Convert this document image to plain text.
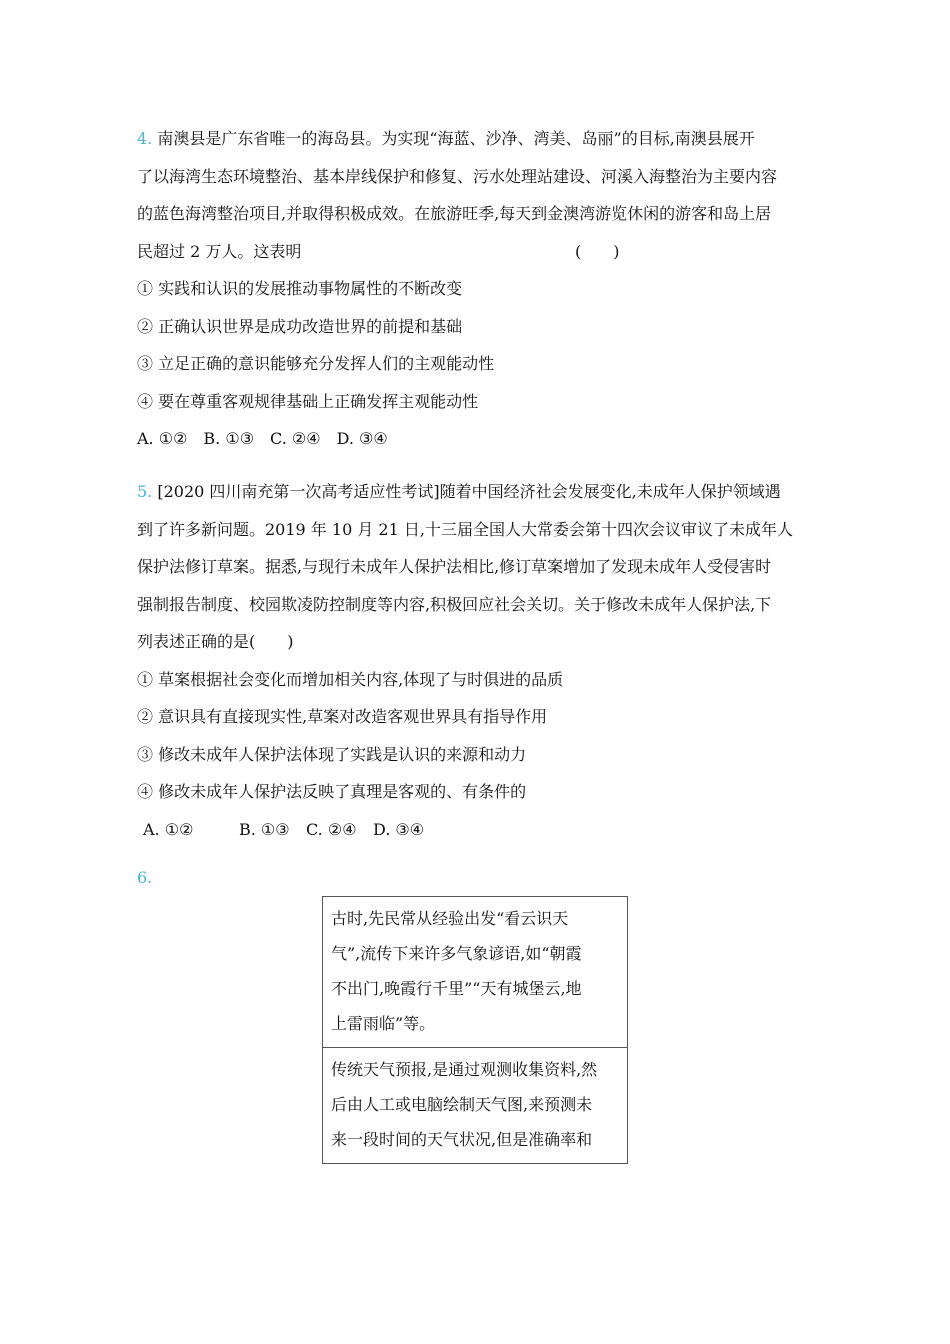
4. 南澳县是广东省唯一的海岛县。为实现“海蓝、沙净、湾美、岛丽”的目标,南澳县展开
了以海湾生态环境整治、基本岸线保护和修复、污水处理站建设、河溪入海整治为主要内容
的蓝色海湾整治项目,并取得积极成效。在旅游旺季,每天到金澳湾游览休闲的游客和岛上居
民超过 2 万人。这表明	(　　)
① 实践和认识的发展推动事物属性的不断改变
② 正确认识世界是成功改造世界的前提和基础
③ 立足正确的意识能够充分发挥人们的主观能动性
④ 要在尊重客观规律基础上正确发挥主观能动性
A. ①②　B. ①③　C. ②④　D. ③④
5. [2020 四川南充第一次高考适应性考试]随着中国经济社会发展变化,未成年人保护领域遇
到了许多新问题。2019 年 10 月 21 日,十三届全国人大常委会第十四次会议审议了未成年人
保护法修订草案。据悉,与现行未成年人保护法相比,修订草案增加了发现未成年人受侵害时
强制报告制度、校园欺凌防控制度等内容,积极回应社会关切。关于修改未成年人保护法,下
列表述正确的是(　　)
① 草案根据社会变化而增加相关内容,体现了与时俱进的品质
② 意识具有直接现实性,草案对改造客观世界具有指导作用
③ 修改未成年人保护法体现了实践是认识的来源和动力
④ 修改未成年人保护法反映了真理是客观的、有条件的
A. ①②	B. ①③ C. ②④ D. ③④
6.
古时,先民常从经验出发“看云识天
气”,流传下来许多气象谚语,如“朝霞
不出门,晚霞行千里”“天有城堡云,地
上雷雨临”等。
传统天气预报,是通过观测收集资料,然
后由人工或电脑绘制天气图,来预测未
来一段时间的天气状况,但是准确率和
